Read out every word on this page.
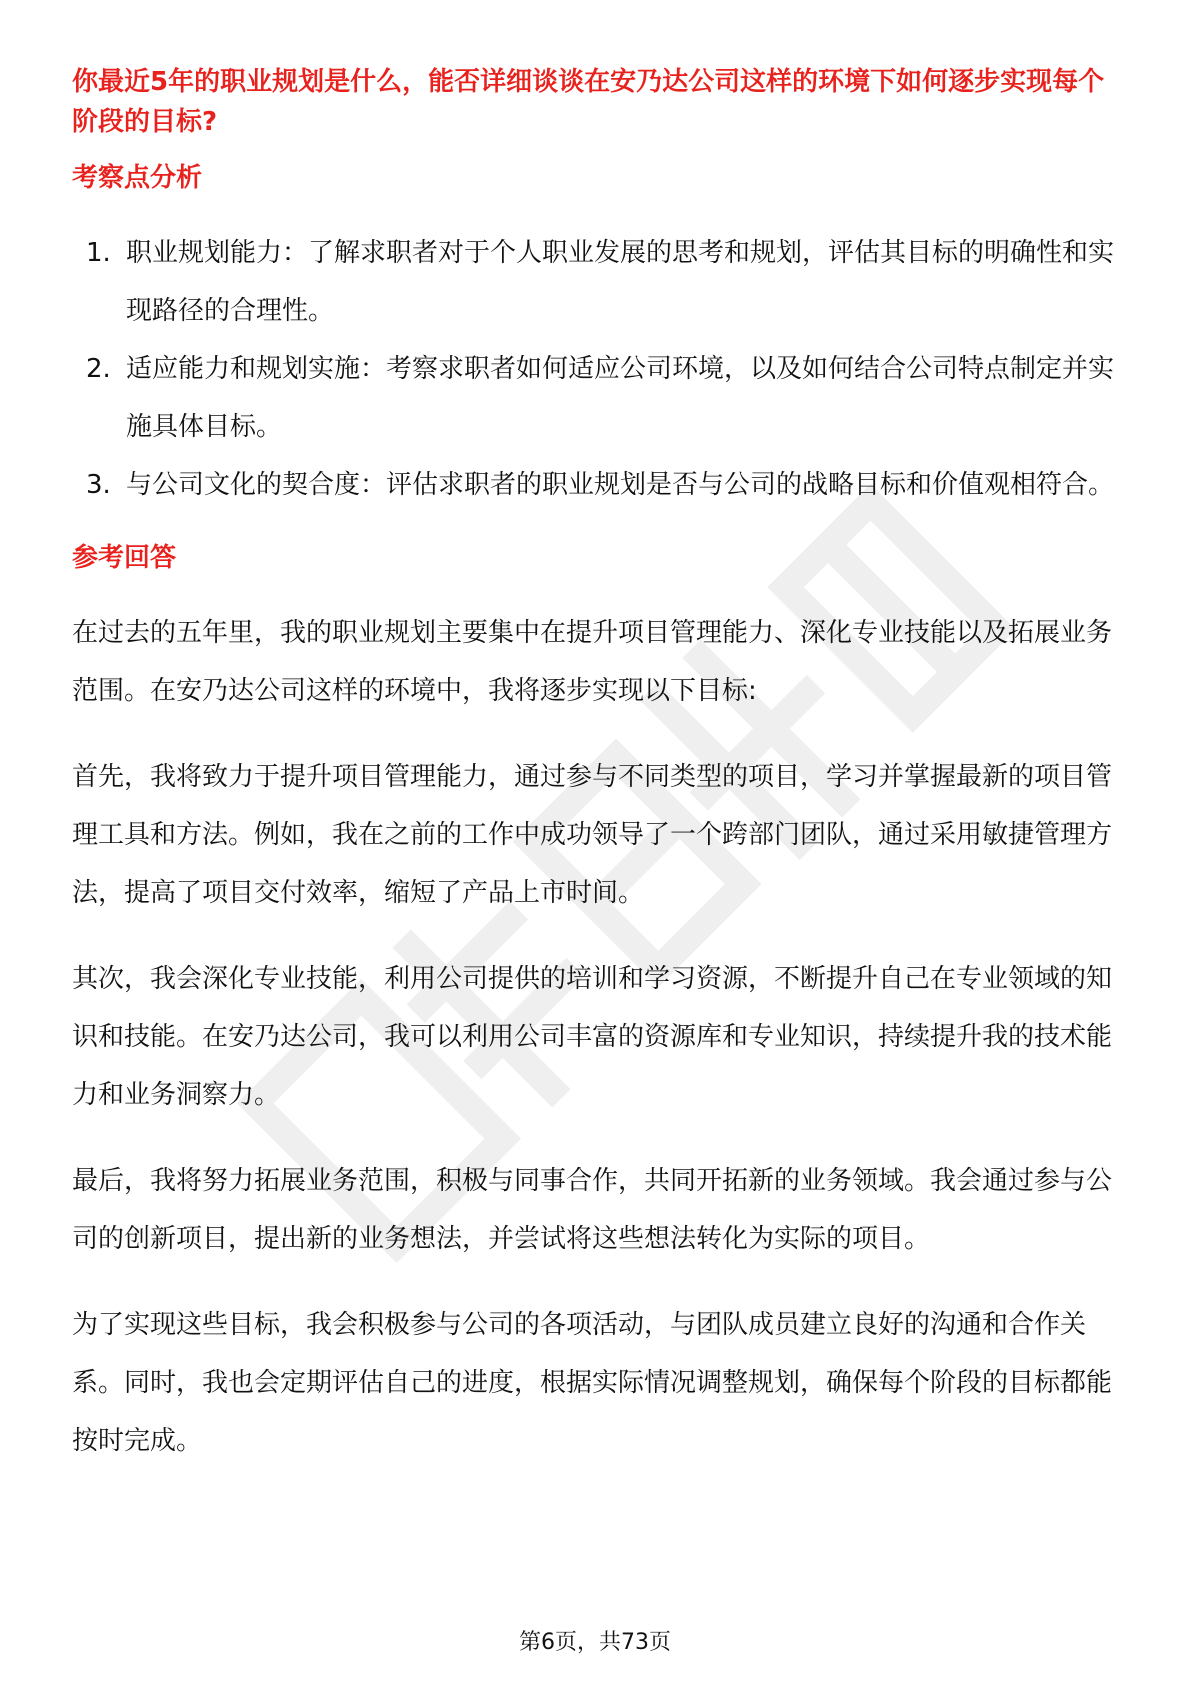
你最近5年的职业规划是什么，能否详细谈谈在安乃达公司这样的环境下如何逐步实现每个阶段的目标?
考察点分析
1. 职业规划能力：了解求职者对于个人职业发展的思考和规划，评估其目标的明确性和实现路径的合理性。
2. 适应能力和规划实施：考察求职者如何适应公司环境，以及如何结合公司特点制定并实施具体目标。
3. 与公司文化的契合度：评估求职者的职业规划是否与公司的战略目标和价值观相符合。
参考回答

在过去的五年里，我的职业规划主要集中在提升项目管理能力、深化专业技能以及拓展业务范围。在安乃达公司这样的环境中，我将逐步实现以下目标:

首先，我将致力于提升项目管理能力，通过参与不同类型的项目，学习并掌握最新的项目管理工具和方法。例如，我在之前的工作中成功领导了一个跨部门团队，通过采用敏捷管理方法，提高了项目交付效率，缩短了产品上市时间。

其次，我会深化专业技能，利用公司提供的培训和学习资源，不断提升自己在专业领域的知识和技能。在安乃达公司，我可以利用公司丰富的资源库和专业知识，持续提升我的技术能力和业务洞察力。

最后，我将努力拓展业务范围，积极与同事合作，共同开拓新的业务领域。我会通过参与公司的创新项目，提出新的业务想法，并尝试将这些想法转化为实际的项目。

为了实现这些目标，我会积极参与公司的各项活动，与团队成员建立良好的沟通和合作关系。同时，我也会定期评估自己的进度，根据实际情况调整规划，确保每个阶段的目标都能按时完成。

第6页，共73页
